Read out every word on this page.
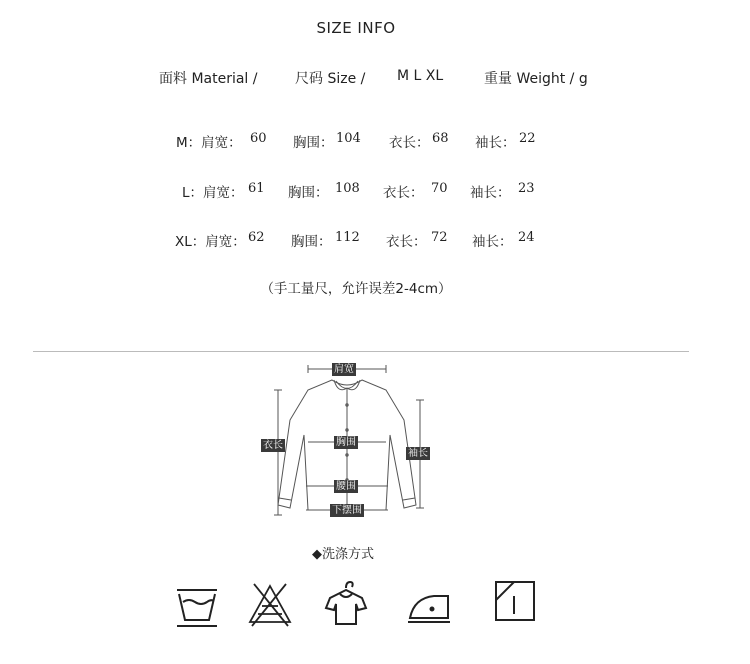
SIZE INFO
面料 Material /	尺码 Size / M L XL	重量 Weight / g
M：肩宽： 60 胸围： 104 衣长： 68 袖长： 22
L：肩宽： 61 胸围： 108 衣长： 70 袖长： 23
XL：肩宽： 62 胸围： 112 衣长： 72 袖长： 24
（手工量尺，允许误差2-4cm）
肩宽
衣长	胸围
袖长
腰围
下摆围
◆洗涤方式
